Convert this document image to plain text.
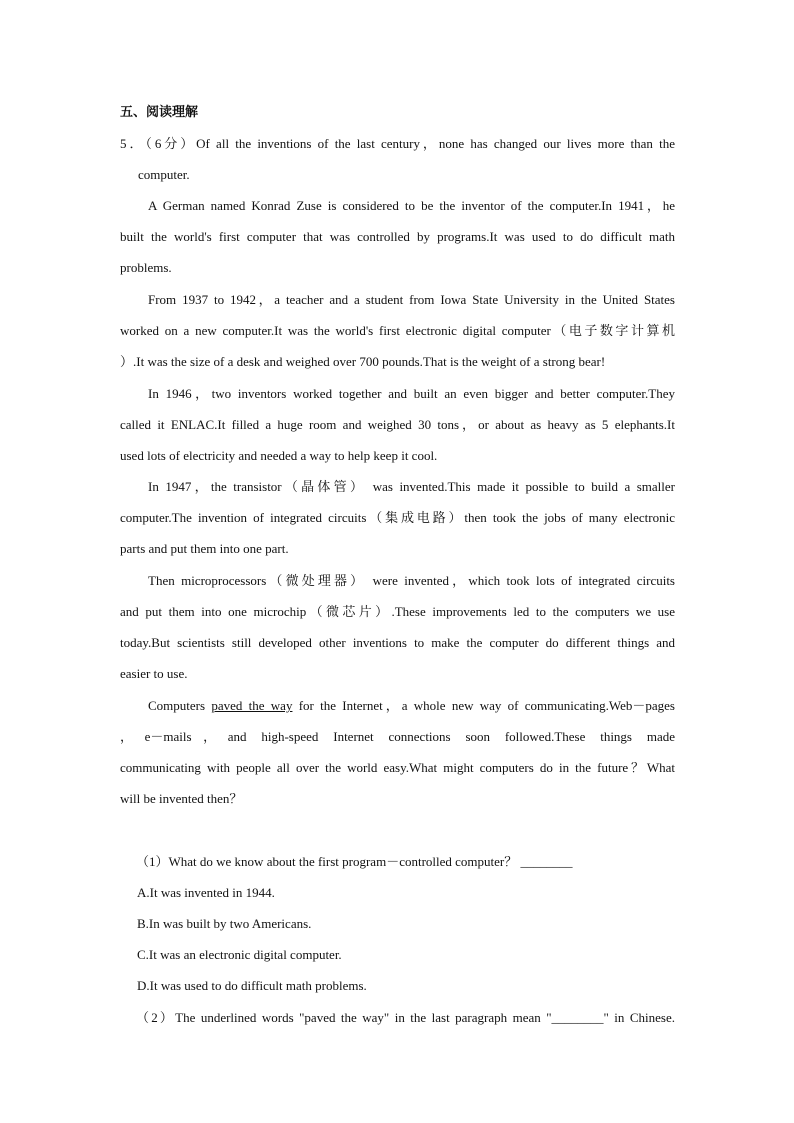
五、阅读理解
5．（6分）Of all the inventions of the last century，none has changed our lives more than the
computer.
A German named Konrad Zuse is considered to be the inventor of the computer.In 1941，he
built the world's first computer that was controlled by programs.It was used to do difficult math
problems.
From 1937 to 1942，a teacher and a student from Iowa State University in the United States
worked on a new computer.It was the world's first electronic digital computer（电子数字计算机
）.It was the size of a desk and weighed over 700 pounds.That is the weight of a strong bear!
In 1946，two inventors worked together and built an even bigger and better computer.They
called it ENLAC.It filled a huge room and weighed 30 tons，or about as heavy as 5 elephants.It
used lots of electricity and needed a way to help keep it cool.
In 1947，the transistor（晶体管） was invented.This made it possible to build a smaller
computer.The invention of integrated circuits（集成电路）then took the jobs of many electronic
parts and put them into one part.
Then microprocessors（微处理器） were invented，which took lots of integrated circuits
and put them into one microchip（微芯片）.These improvements led to the computers we use
today.But scientists still developed other inventions to make the computer do different things and
easier to use.
Computers paved the way for the Internet，a whole new way of communicating.Web－pages
，e－mails，and high-speed Internet connections soon followed.These things made
communicating with people all over the world easy.What might computers do in the future？What
will be invented then？
（1）What do we know about the first program－controlled computer？ ________
A.It was invented in 1944.
B.In was built by two Americans.
C.It was an electronic digital computer.
D.It was used to do difficult math problems.
（2）The underlined words "paved the way" in the last paragraph mean "________" in Chinese.
